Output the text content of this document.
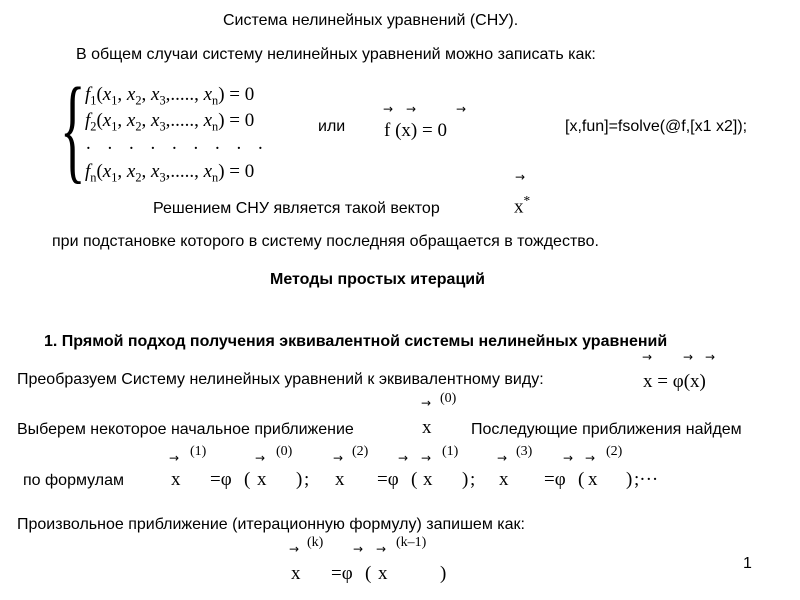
Система нелинейных уравнений (СНУ).
В общем случаи систему нелинейных уравнений можно записать как:
{ $f_1(x_1$, $x_2$, $x_3$,....., $x_n) = 0$
$f_2(x_1$, $x_2$, $x_3$,....., $x_n) = 0$
. . . . . . . . .
$f_n(x_1$, $x_2$, $x_3$,....., $x_n) = 0$
или
→ →	→
f (x) = 0	[x,fun]=fsolve(@f,[x1 x2]);
Решением СНУ является такой вектор
→
x*
при подстановке которого в систему последняя обращается в тождество.
Методы простых итераций
1. Прямой подход получения эквивалентной системы нелинейных уравнений
Преобразуем Систему нелинейных уравнений к эквивалентному виду:
→	→ →
x = φ(x)
Выберем некоторое начальное приближение
→ (0)
x Последующие приближения найдем
по формулам
→ (1)
x =φ (
→ (0)
x ) ;
→ (2)
x =φ (
→ → (1)
x ) ;
→ (3)
x =φ (
→ → (2)
x ) ;···
Произвольное приближение (итерационную формулу) запишем как:
→ (k)
x =φ (
→ → (k–1)
x	)	1
